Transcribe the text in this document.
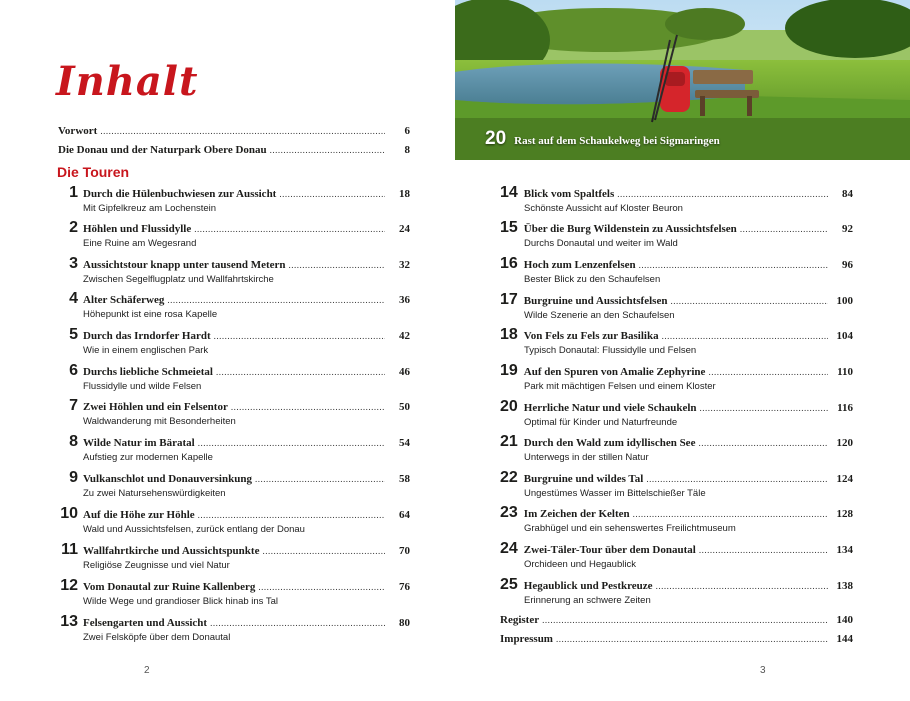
Inhalt
Vorwort .....	6
Die Donau und der Naturpark Obere Donau .....	8
Die Touren
1 Durch die Hülenbuchwiesen zur Aussicht .....	18
Mit Gipfelkreuz am Lochenstein
2 Höhlen und Flussidylle .....	24
Eine Ruine am Wegesrand
3 Aussichtstour knapp unter tausend Metern .....	32
Zwischen Segelflugplatz und Wallfahrtskirche
4 Alter Schäferweg .....	36
Höhepunkt ist eine rosa Kapelle
5 Durch das Irndorfer Hardt .....	42
Wie in einem englischen Park
6 Durchs liebliche Schmeietal .....	46
Flussidylle und wilde Felsen
7 Zwei Höhlen und ein Felsentor .....	50
Waldwanderung mit Besonderheiten
8 Wilde Natur im Bäratal .....	54
Aufstieg zur modernen Kapelle
9 Vulkanschlot und Donauversinkung .....	58
Zu zwei Natursehenswürdigkeiten
10 Auf die Höhe zur Höhle .....	64
Wald und Aussichtsfelsen, zurück entlang der Donau
11 Wallfahrtkirche und Aussichtspunkte .....	70
Religiöse Zeugnisse und viel Natur
12 Vom Donautal zur Ruine Kallenberg .....	76
Wilde Wege und grandioser Blick hinab ins Tal
13 Felsengarten und Aussicht .....	80
Zwei Felsköpfe über dem Donautal
2
20 Rast auf dem Schaukelweg bei Sigmaringen
14 Blick vom Spaltfels .....	84
Schönste Aussicht auf Kloster Beuron
15 Über die Burg Wildenstein zu Aussichtsfelsen .....	92
Durchs Donautal und weiter im Wald
16 Hoch zum Lenzenfelsen .....	96
Bester Blick zu den Schaufelsen
17 Burgruine und Aussichtsfelsen .....	100
Wilde Szenerie an den Schaufelsen
18 Von Fels zu Fels zur Basilika .....	104
Typisch Donautal: Flussidylle und Felsen
19 Auf den Spuren von Amalie Zephyrine .....	110
Park mit mächtigen Felsen und einem Kloster
20 Herrliche Natur und viele Schaukeln .....	116
Optimal für Kinder und Naturfreunde
21 Durch den Wald zum idyllischen See .....	120
Unterwegs in der stillen Natur
22 Burgruine und wildes Tal .....	124
Ungestümes Wasser im Bittelschießer Täle
23 Im Zeichen der Kelten .....	128
Grabhügel und ein sehenswertes Freilichtmuseum
24 Zwei-Täler-Tour über dem Donautal .....	134
Orchideen und Hegaublick
25 Hegaublick und Pestkreuze .....	138
Erinnerung an schwere Zeiten
Register .....	140
Impressum .....	144
3
